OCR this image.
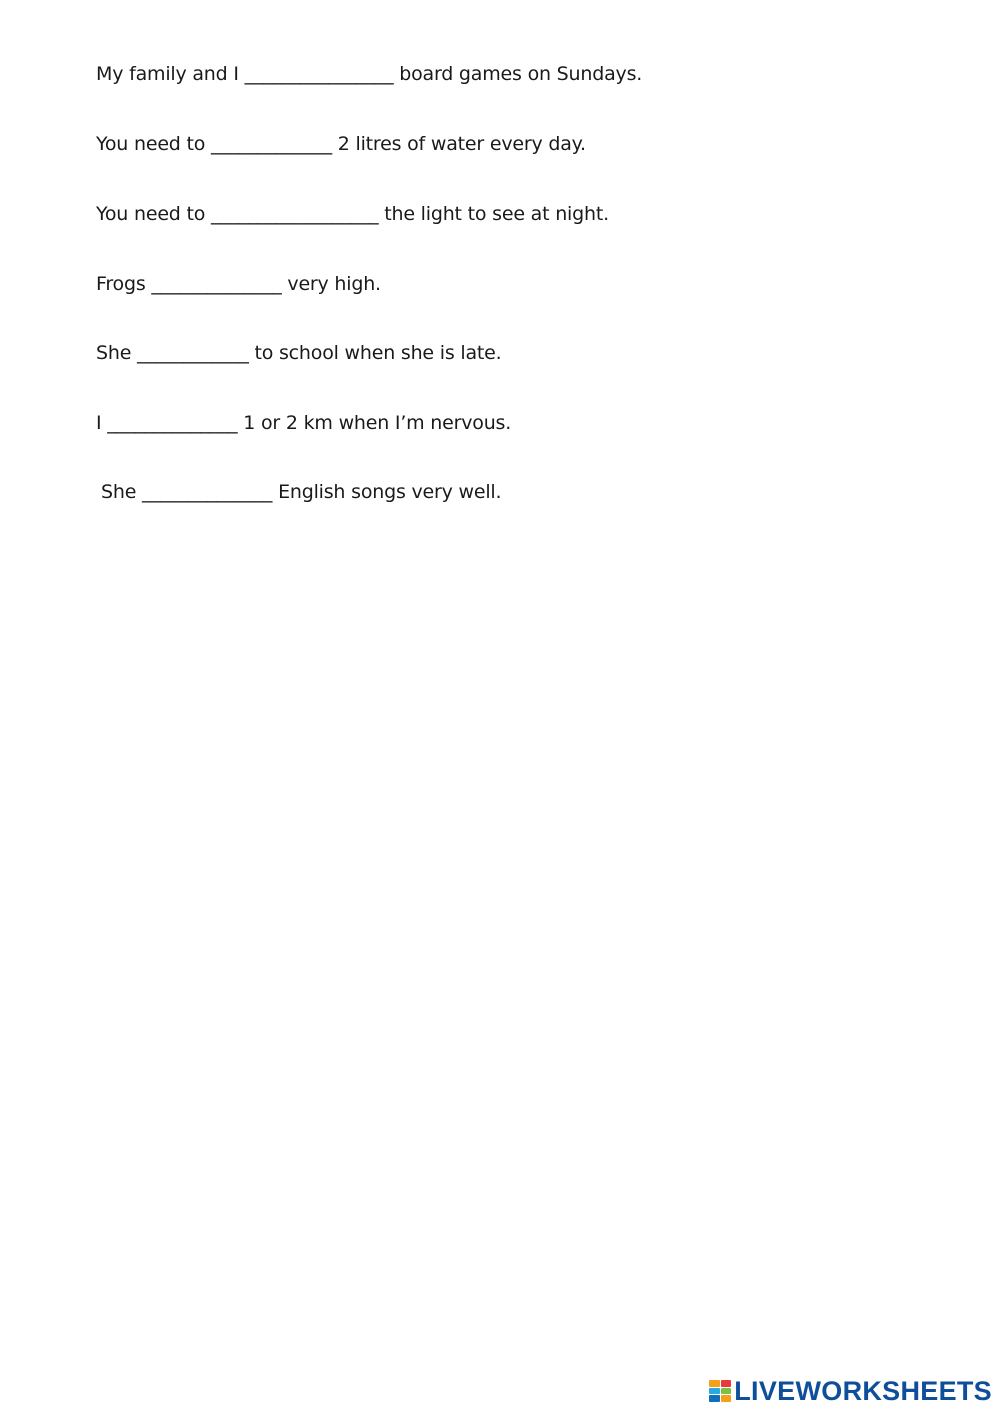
My family and I ________________ board games on Sundays.
You need to _____________ 2 litres of water every day.
You need to __________________ the light to see at night.
Frogs ______________ very high.
She ____________ to school when she is late.
I ______________ 1 or 2 km when I’m nervous.
She ______________ English songs very well.
LIVEWORKSHEETS
